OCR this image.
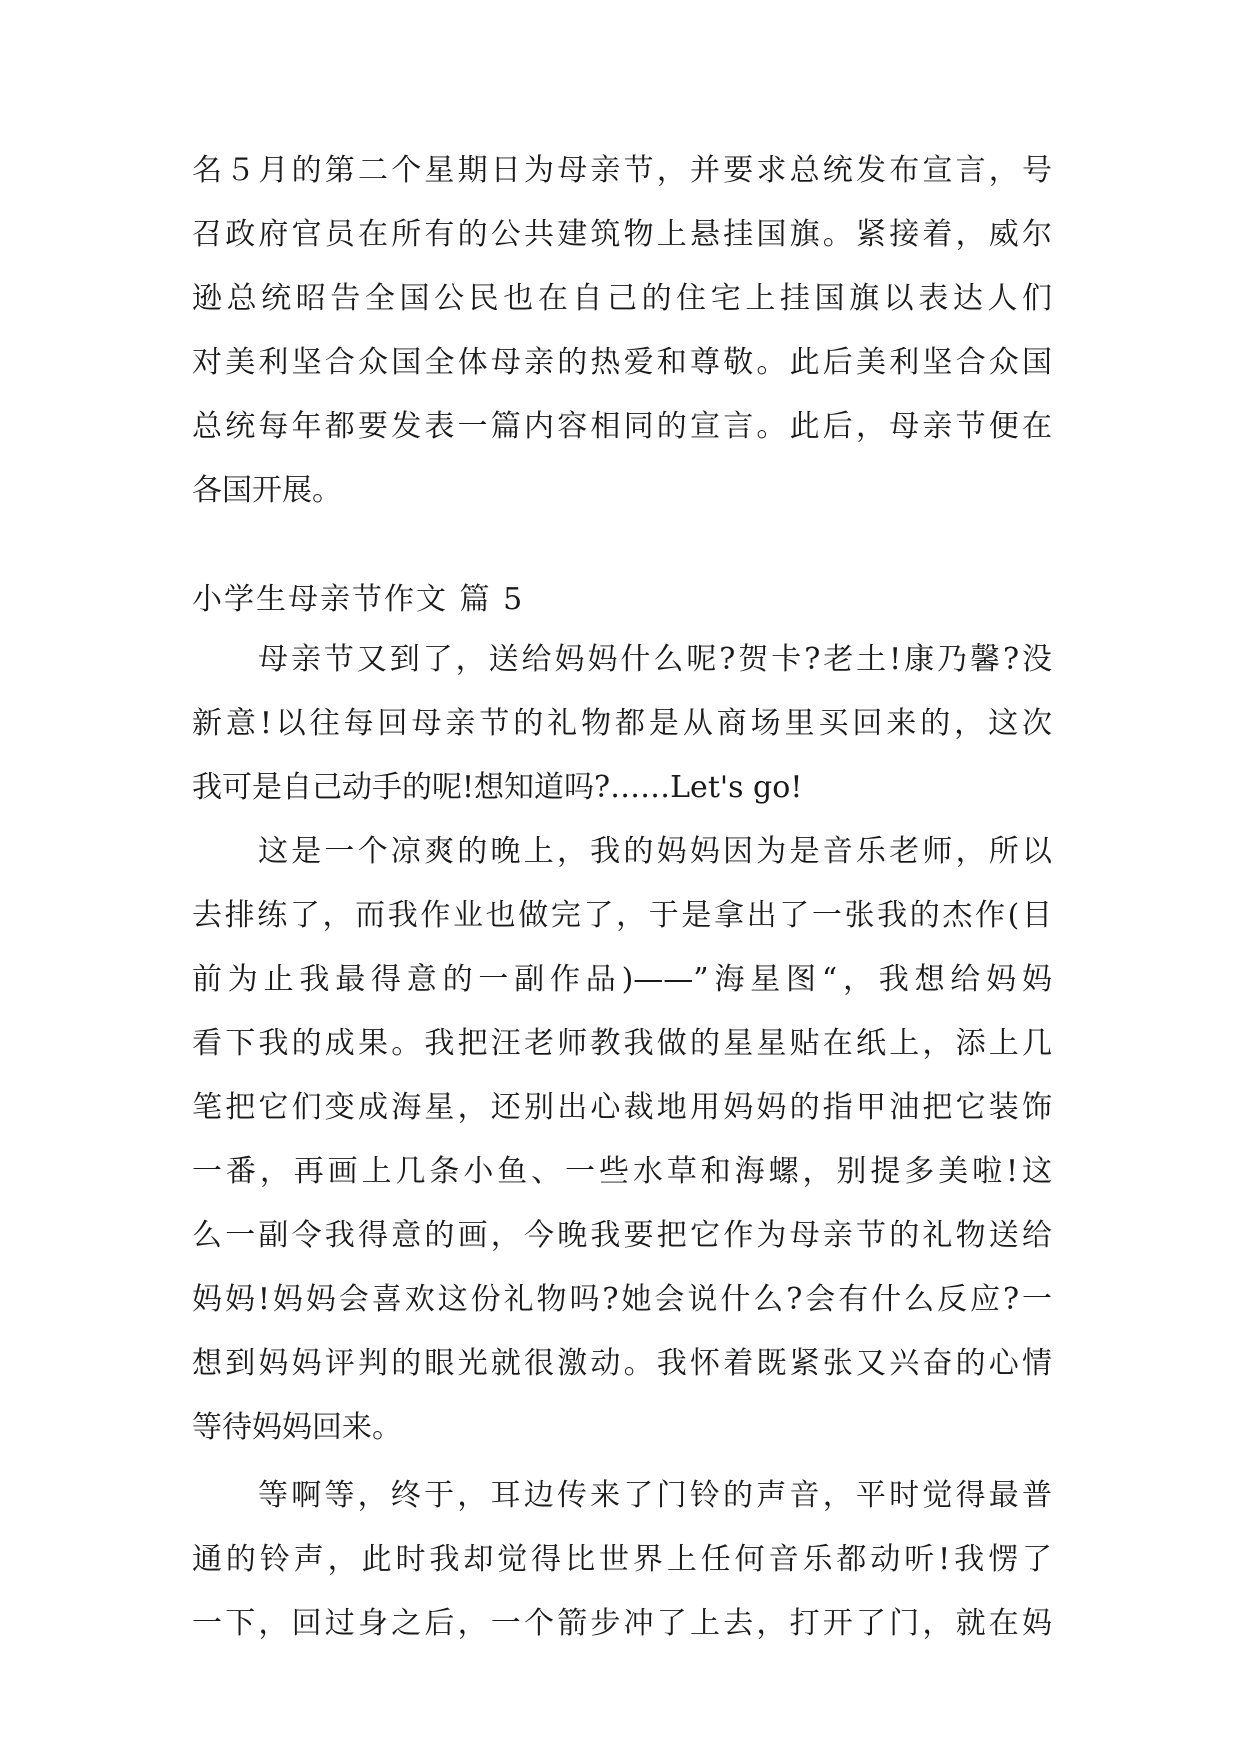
名５月的第二个星期日为母亲节，并要求总统发布宣言，号
召政府官员在所有的公共建筑物上悬挂国旗。紧接着，威尔
逊总统昭告全国公民也在自己的住宅上挂国旗以表达人们
对美利坚合众国全体母亲的热爱和尊敬。此后美利坚合众国
总统每年都要发表一篇内容相同的宣言。此后，母亲节便在
各国开展。
小学生母亲节作文 篇 5
母亲节又到了，送给妈妈什么呢?贺卡?老土!康乃馨?没
新意!以往每回母亲节的礼物都是从商场里买回来的，这次
我可是自己动手的呢!想知道吗?……Let's go!
这是一个凉爽的晚上，我的妈妈因为是音乐老师，所以
去排练了，而我作业也做完了，于是拿出了一张我的杰作(目
前为止我最得意的一副作品)——”海星图“，我想给妈妈
看下我的成果。我把汪老师教我做的星星贴在纸上，添上几
笔把它们变成海星，还别出心裁地用妈妈的指甲油把它装饰
一番，再画上几条小鱼、一些水草和海螺，别提多美啦!这
么一副令我得意的画，今晚我要把它作为母亲节的礼物送给
妈妈!妈妈会喜欢这份礼物吗?她会说什么?会有什么反应?一
想到妈妈评判的眼光就很激动。我怀着既紧张又兴奋的心情
等待妈妈回来。
等啊等，终于，耳边传来了门铃的声音，平时觉得最普
通的铃声，此时我却觉得比世界上任何音乐都动听!我愣了
一下，回过身之后，一个箭步冲了上去，打开了门，就在妈
